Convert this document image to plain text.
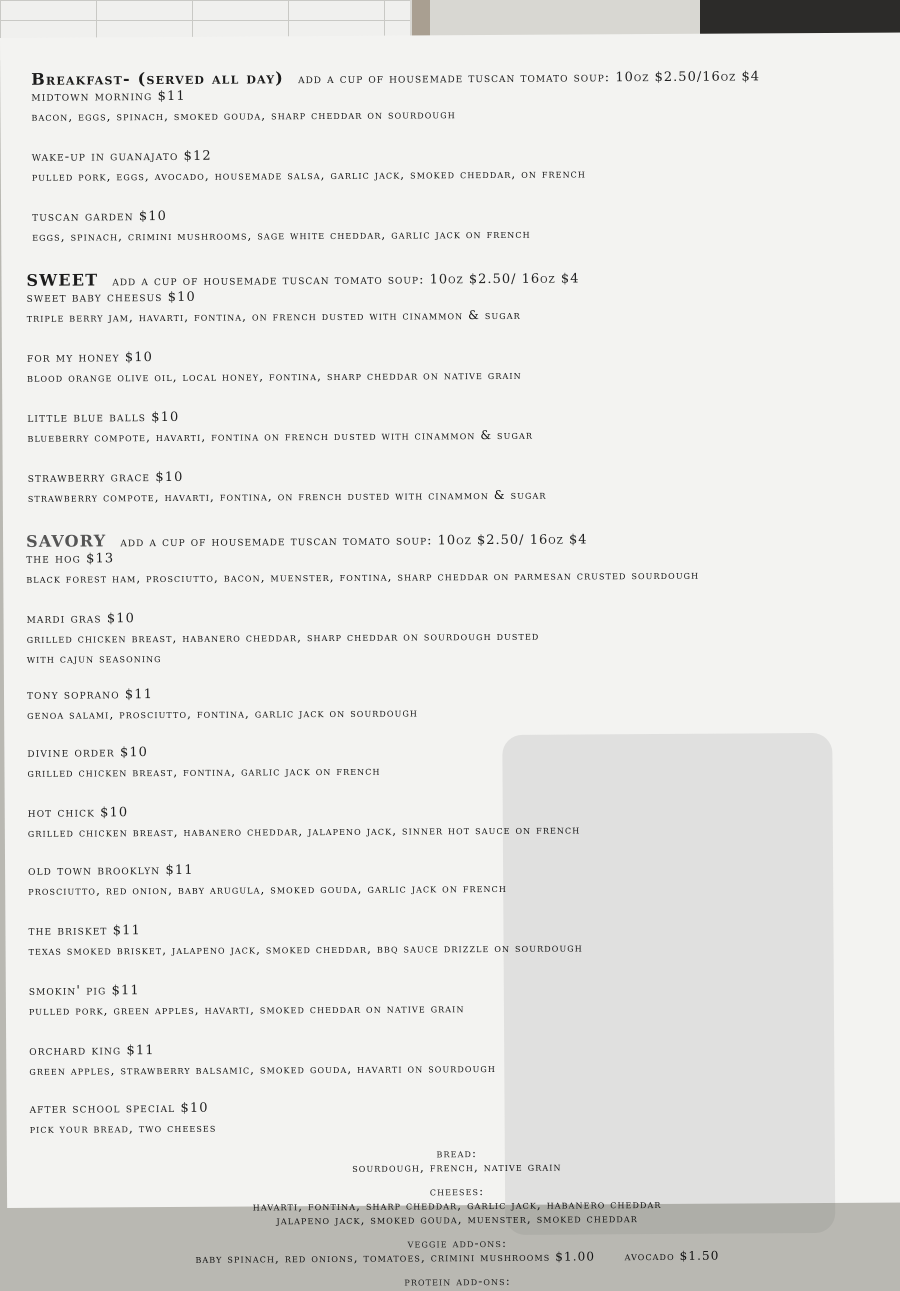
Breakfast- (served all day) add a cup of housemade tuscan tomato soup: 10oz $2.50/16oz $4
midtown morning $11
bacon, eggs, spinach, smoked gouda, sharp cheddar on sourdough
wake-up in guanajato $12
pulled pork, eggs, avocado, housemade salsa, garlic jack, smoked cheddar, on french
tuscan garden $10
eggs, spinach, crimini mushrooms, sage white cheddar, garlic jack on french
SWEET add a cup of housemade tuscan tomato soup: 10oz $2.50/ 16oz $4
sweet baby cheesus $10
triple berry jam, havarti, fontina, on french dusted with cinammon & sugar
for my honey $10
blood orange olive oil, local honey, fontina, sharp cheddar on native grain
little blue balls $10
blueberry compote, havarti, fontina on french dusted with cinammon & sugar
strawberry grace $10
strawberry compote, havarti, fontina, on french dusted with cinammon & sugar
SAVORY add a cup of housemade tuscan tomato soup: 10oz $2.50/ 16oz $4
the hog $13
black forest ham, prosciutto, bacon, muenster, fontina, sharp cheddar on parmesan crusted sourdough
mardi gras $10
grilled chicken breast, habanero cheddar, sharp cheddar on sourdough dusted
with cajun seasoning
tony soprano $11
genoa salami, prosciutto, fontina, garlic jack on sourdough
divine order $10
grilled chicken breast, fontina, garlic jack on french
hot chick $10
grilled chicken breast, habanero cheddar, jalapeno jack, sinner hot sauce on french
old town brooklyn $11
prosciutto, red onion, baby arugula, smoked gouda, garlic jack on french
the brisket $11
texas smoked brisket, jalapeno jack, smoked cheddar, bbq sauce drizzle on sourdough
smokin' pig $11
pulled pork, green apples, havarti, smoked cheddar on native grain
orchard king $11
green apples, strawberry balsamic, smoked gouda, havarti on sourdough
after school special $10
pick your bread, two cheeses
bread:
sourdough, french, native grain
cheeses:
havarti, fontina, sharp cheddar, garlic jack, habanero cheddar
jalapeno jack, smoked gouda, muenster, smoked cheddar
veggie add-ons:
baby spinach, red onions, tomatoes, crimini mushrooms $1.00      avocado $1.50
protein add-ons:
